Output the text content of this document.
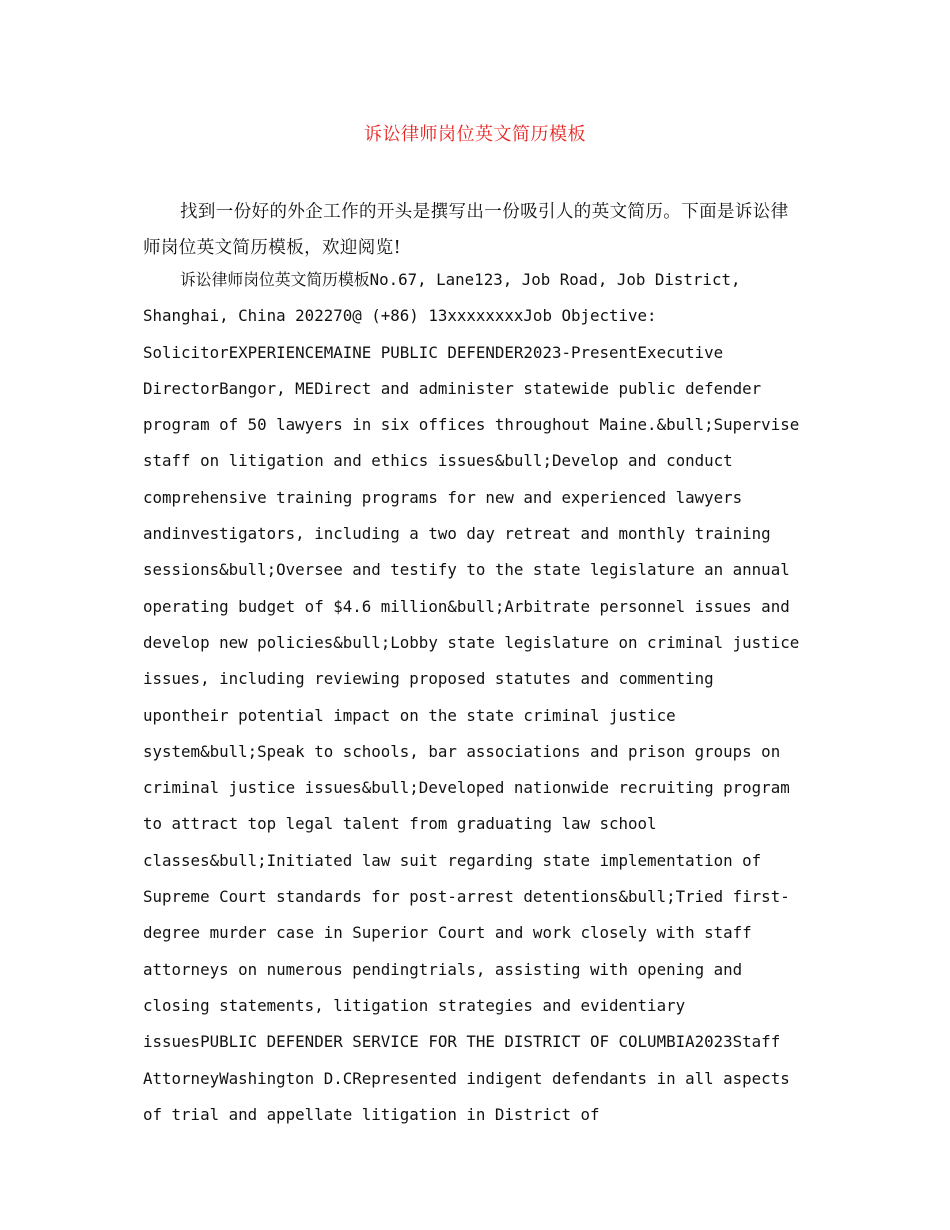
诉讼律师岗位英文简历模板

找到一份好的外企工作的开头是撰写出一份吸引人的英文简历。下面是诉讼律师岗位英文简历模板，欢迎阅览!

诉讼律师岗位英文简历模板No.67, Lane123, Job Road, Job District, Shanghai, China 202270@ (+86) 13xxxxxxxxJob Objective: SolicitorEXPERIENCEMAINE PUBLIC DEFENDER2023-PresentExecutive DirectorBangor, MEDirect and administer statewide public defender program of 50 lawyers in six offices throughout Maine.&bull;Supervise staff on litigation and ethics issues&bull;Develop and conduct comprehensive training programs for new and experienced lawyers andinvestigators, including a two day retreat and monthly training sessions&bull;Oversee and testify to the state legislature an annual operating budget of $4.6 million&bull;Arbitrate personnel issues and develop new policies&bull;Lobby state legislature on criminal justice issues, including reviewing proposed statutes and commenting upontheir potential impact on the state criminal justice system&bull;Speak to schools, bar associations and prison groups on criminal justice issues&bull;Developed nationwide recruiting program to attract top legal talent from graduating law school classes&bull;Initiated law suit regarding state implementation of Supreme Court standards for post-arrest detentions&bull;Tried first-degree murder case in Superior Court and work closely with staff attorneys on numerous pendingtrials, assisting with opening and closing statements, litigation strategies and evidentiary issuesPUBLIC DEFENDER SERVICE FOR THE DISTRICT OF COLUMBIA2023Staff AttorneyWashington D.CRepresented indigent defendants in all aspects of trial and appellate litigation in District of
